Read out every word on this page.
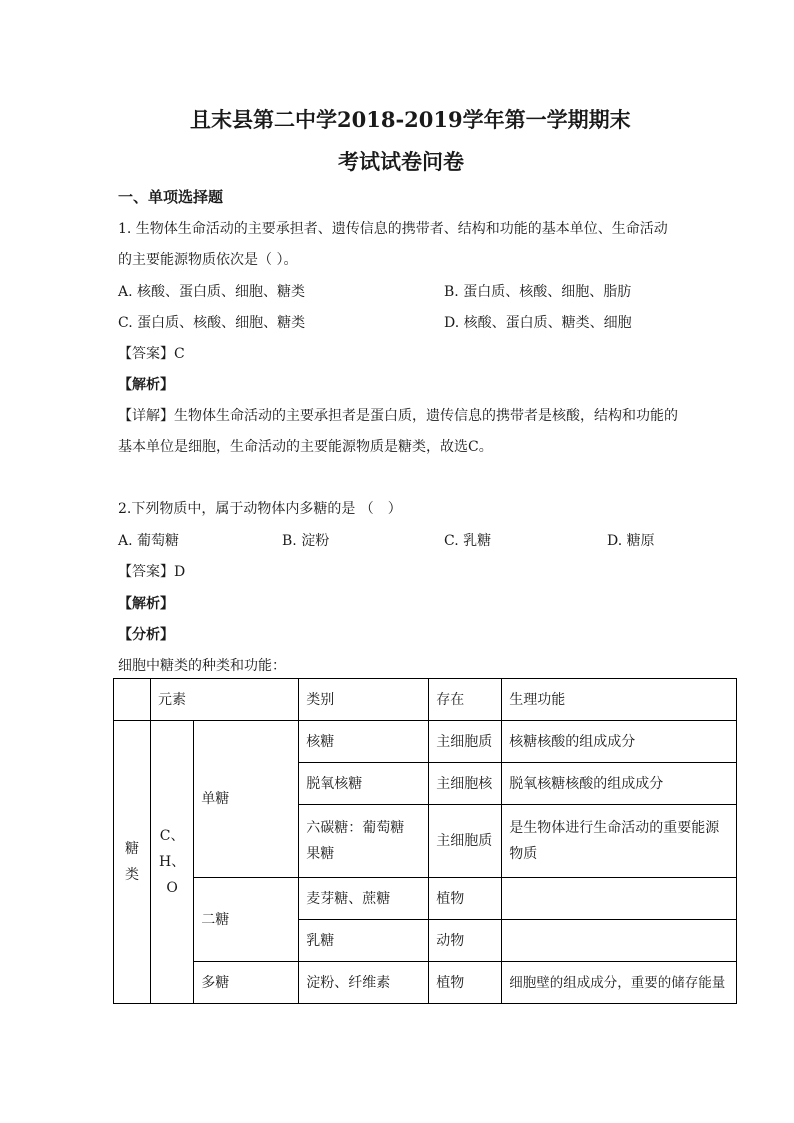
且末县第二中学2018-2019学年第一学期期末
考试试卷问卷
一、单项选择题
1. 生物体生命活动的主要承担者、遗传信息的携带者、结构和功能的基本单位、生命活动
的主要能源物质依次是（ ）。
A. 核酸、蛋白质、细胞、糖类	B. 蛋白质、核酸、细胞、脂肪
C. 蛋白质、核酸、细胞、糖类	D. 核酸、蛋白质、糖类、细胞
【答案】C
【解析】
【详解】生物体生命活动的主要承担者是蛋白质，遗传信息的携带者是核酸，结构和功能的
基本单位是细胞，生命活动的主要能源物质是糖类，故选C。
2.下列物质中，属于动物体内多糖的是 （　）
A. 葡萄糖	B. 淀粉	C. 乳糖	D. 糖原
【答案】D
【解析】
【分析】
细胞中糖类的种类和功能：
	元素		类别	存在	生理功能
糖类	C、H、O	单糖	核糖	主细胞质	核糖核酸的组成成分
			脱氧核糖	主细胞核	脱氧核糖核酸的组成成分
			六碳糖：葡萄糖 果糖	主细胞质	是生物体进行生命活动的重要能源物质
		二糖	麦芽糖、蔗糖	植物	
			乳糖	动物	
		多糖	淀粉、纤维素	植物	细胞壁的组成成分，重要的储存能量
